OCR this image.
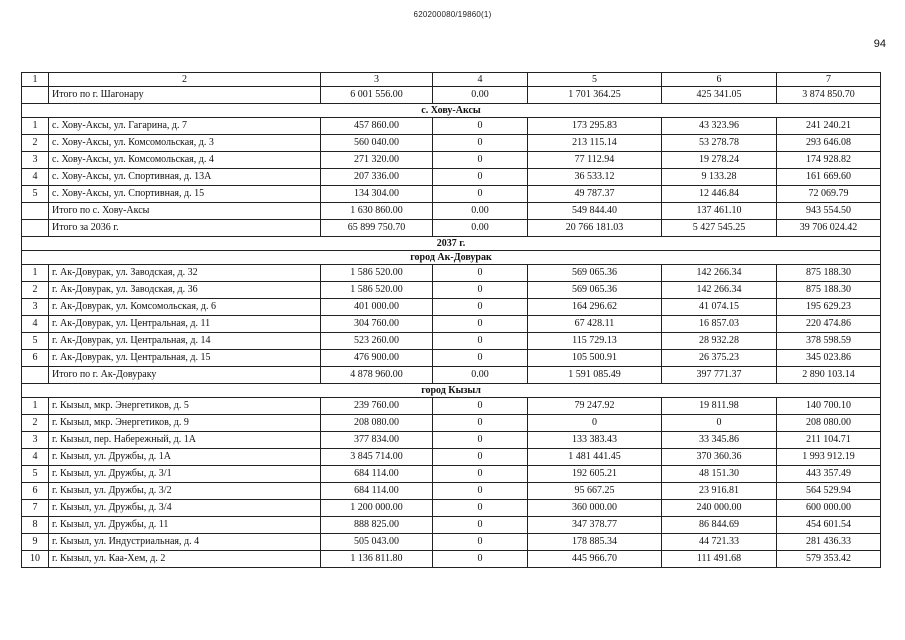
620200080/19860(1)
94
1	2	3	4	5	6	7
	Итого по г. Шагонару	6 001 556.00	0.00	1 701 364.25	425 341.05	3 874 850.70
с. Хову-Аксы						
1	с. Хову-Аксы, ул. Гагарина, д. 7	457 860.00	0	173 295.83	43 323.96	241 240.21
2	с. Хову-Аксы, ул. Комсомольская, д. 3	560 040.00	0	213 115.14	53 278.78	293 646.08
3	с. Хову-Аксы, ул. Комсомольская, д. 4	271 320.00	0	77 112.94	19 278.24	174 928.82
4	с. Хову-Аксы, ул. Спортивная, д. 13А	207 336.00	0	36 533.12	9 133.28	161 669.60
5	с. Хову-Аксы, ул. Спортивная, д. 15	134 304.00	0	49 787.37	12 446.84	72 069.79
	Итого по с. Хову-Аксы	1 630 860.00	0.00	549 844.40	137 461.10	943 554.50
	Итого за 2036 г.	65 899 750.70	0.00	20 766 181.03	5 427 545.25	39 706 024.42
2037 г.						
город Ак-Довурак						
1	г. Ак-Довурак, ул. Заводская, д. 32	1 586 520.00	0	569 065.36	142 266.34	875 188.30
2	г. Ак-Довурак, ул. Заводская, д. 36	1 586 520.00	0	569 065.36	142 266.34	875 188.30
3	г. Ак-Довурак, ул. Комсомольская, д. 6	401 000.00	0	164 296.62	41 074.15	195 629.23
4	г. Ак-Довурак, ул. Центральная, д. 11	304 760.00	0	67 428.11	16 857.03	220 474.86
5	г. Ак-Довурак, ул. Центральная, д. 14	523 260.00	0	115 729.13	28 932.28	378 598.59
6	г. Ак-Довурак, ул. Центральная, д. 15	476 900.00	0	105 500.91	26 375.23	345 023.86
	Итого по г. Ак-Довураку	4 878 960.00	0.00	1 591 085.49	397 771.37	2 890 103.14
город Кызыл						
1	г. Кызыл, мкр. Энергетиков, д. 5	239 760.00	0	79 247.92	19 811.98	140 700.10
2	г. Кызыл, мкр. Энергетиков, д. 9	208 080.00	0	0	0	208 080.00
3	г. Кызыл, пер. Набережный, д. 1А	377 834.00	0	133 383.43	33 345.86	211 104.71
4	г. Кызыл, ул. Дружбы, д. 1А	3 845 714.00	0	1 481 441.45	370 360.36	1 993 912.19
5	г. Кызыл, ул. Дружбы, д. 3/1	684 114.00	0	192 605.21	48 151.30	443 357.49
6	г. Кызыл, ул. Дружбы, д. 3/2	684 114.00	0	95 667.25	23 916.81	564 529.94
7	г. Кызыл, ул. Дружбы, д. 3/4	1 200 000.00	0	360 000.00	240 000.00	600 000.00
8	г. Кызыл, ул. Дружбы, д. 11	888 825.00	0	347 378.77	86 844.69	454 601.54
9	г. Кызыл, ул. Индустриальная, д. 4	505 043.00	0	178 885.34	44 721.33	281 436.33
10	г. Кызыл, ул. Каа-Хем, д. 2	1 136 811.80	0	445 966.70	111 491.68	579 353.42
